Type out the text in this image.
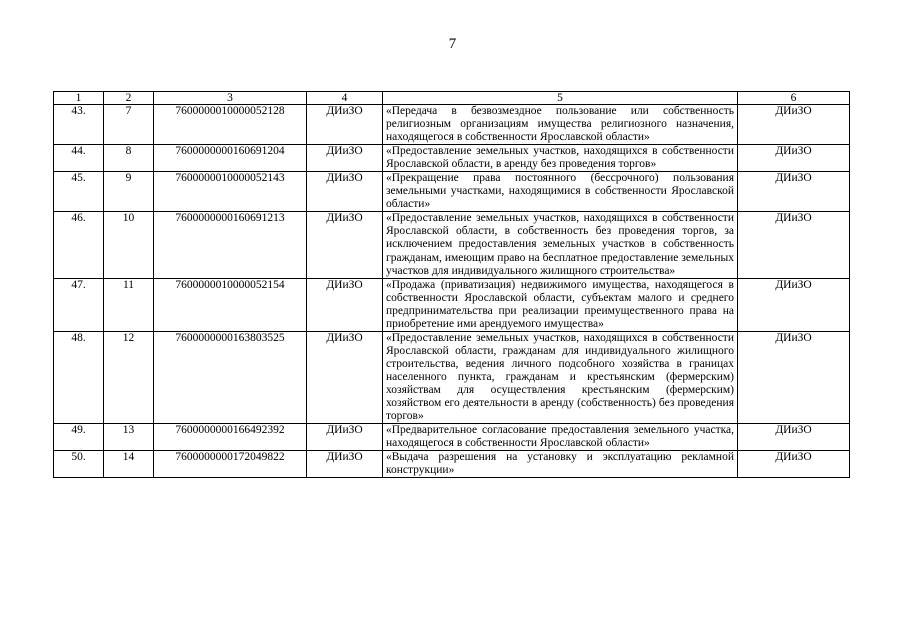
7
1	2	3	4	5	6
43.	7	7600000010000052128	ДИиЗО	«Передача в безвозмездное пользование или собственность религиозным организациям имущества религиозного назначения, находящегося в собственности Ярославской области»	ДИиЗО
44.	8	7600000000160691204	ДИиЗО	«Предоставление земельных участков, находящихся в собственности Ярославской области, в аренду без проведения торгов»	ДИиЗО
45.	9	7600000010000052143	ДИиЗО	«Прекращение права постоянного (бессрочного) пользования земельными участками, находящимися в собственности Ярославской области»	ДИиЗО
46.	10	7600000000160691213	ДИиЗО	«Предоставление земельных участков, находящихся в собственности Ярославской области, в собственность без проведения торгов, за исключением предоставления земельных участков в собственность гражданам, имеющим право на бесплатное предоставление земельных участков для индивидуального жилищного строительства»	ДИиЗО
47.	11	7600000010000052154	ДИиЗО	«Продажа (приватизация) недвижимого имущества, находящегося в собственности Ярославской области, субъектам малого и среднего предпринимательства при реализации преимущественного права на приобретение ими арендуемого имущества»	ДИиЗО
48.	12	7600000000163803525	ДИиЗО	«Предоставление земельных участков, находящихся в собственности Ярославской области, гражданам для индивидуального жилищного строительства, ведения личного подсобного хозяйства в границах населенного пункта, гражданам и крестьянским (фермерским) хозяйствам для осуществления крестьянским (фермерским) хозяйством его деятельности в аренду (собственность) без проведения торгов»	ДИиЗО
49.	13	7600000000166492392	ДИиЗО	«Предварительное согласование предоставления земельного участка, находящегося в собственности Ярославской области»	ДИиЗО
50.	14	7600000000172049822	ДИиЗО	«Выдача разрешения на установку и эксплуатацию рекламной конструкции»	ДИиЗО
